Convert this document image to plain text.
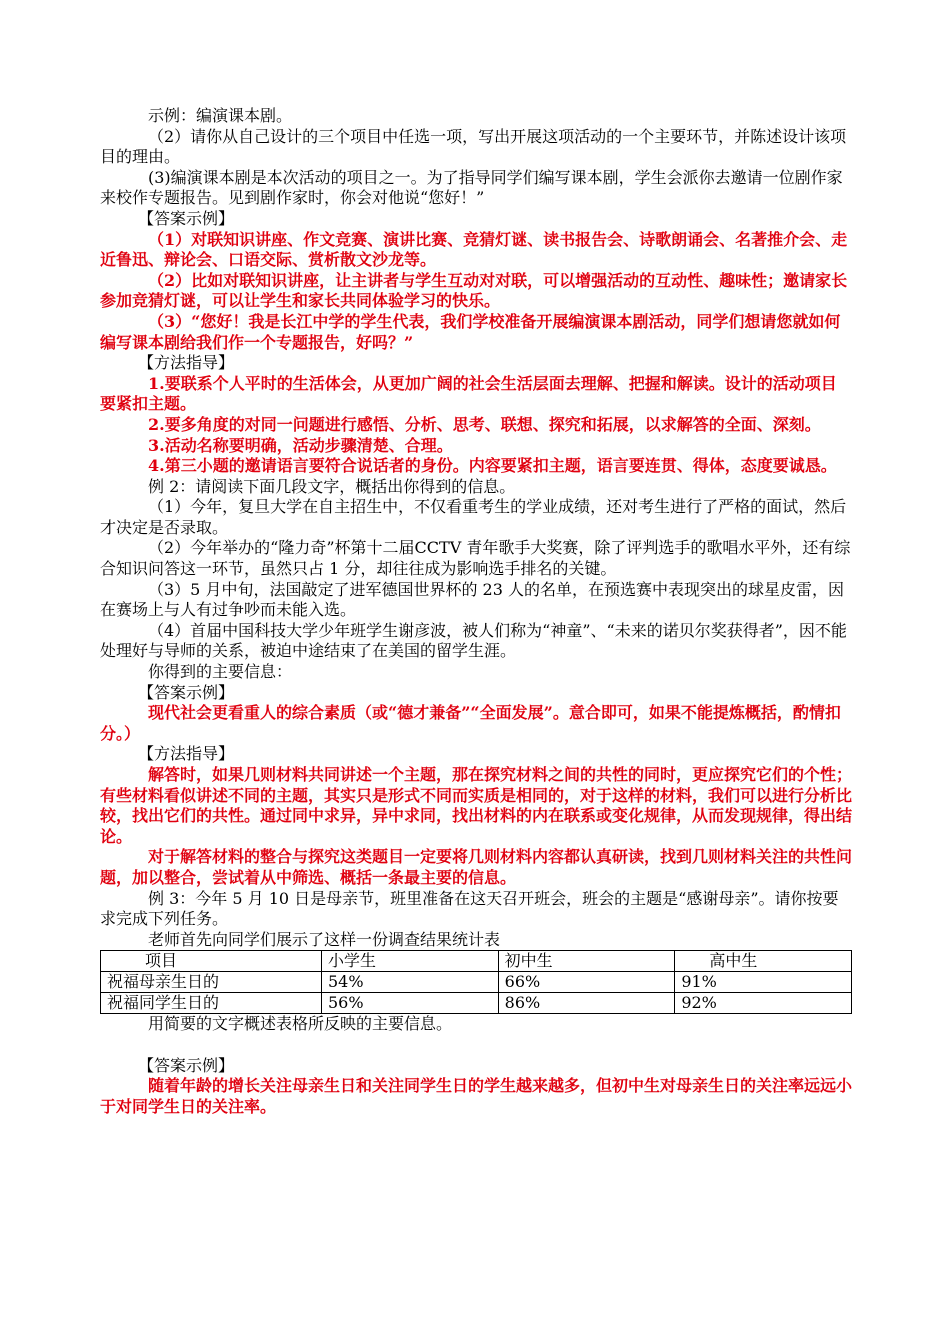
示例：编演课本剧。

（2）请你从自己设计的三个项目中任选一项，写出开展这项活动的一个主要环节，并陈述设计该项目的理由。

(3)编演课本剧是本次活动的项目之一。为了指导同学们编写课本剧，学生会派你去邀请一位剧作家来校作专题报告。见到剧作家时，你会对他说“您好！”

【答案示例】

（1）对联知识讲座、作文竞赛、演讲比赛、竞猜灯谜、读书报告会、诗歌朗诵会、名著推介会、走近鲁迅、辩论会、口语交际、赏析散文沙龙等。

（2）比如对联知识讲座，让主讲者与学生互动对对联，可以增强活动的互动性、趣味性；邀请家长参加竞猜灯谜，可以让学生和家长共同体验学习的快乐。

（3）“您好！我是长江中学的学生代表，我们学校准备开展编演课本剧活动，同学们想请您就如何编写课本剧给我们作一个专题报告，好吗？”

【方法指导】

1.要联系个人平时的生活体会，从更加广阔的社会生活层面去理解、把握和解读。设计的活动项目要紧扣主题。

2.要多角度的对同一问题进行感悟、分析、思考、联想、探究和拓展，以求解答的全面、深刻。

3.活动名称要明确，活动步骤清楚、合理。

4.第三小题的邀请语言要符合说话者的身份。内容要紧扣主题，语言要连贯、得体，态度要诚恳。

例 2：请阅读下面几段文字，概括出你得到的信息。

（1）今年，复旦大学在自主招生中，不仅看重考生的学业成绩，还对考生进行了严格的面试，然后才决定是否录取。

（2）今年举办的“隆力奇”杯第十二届CCTV 青年歌手大奖赛，除了评判选手的歌唱水平外，还有综合知识问答这一环节，虽然只占 1 分，却往往成为影响选手排名的关键。

（3）5 月中旬，法国敲定了进军德国世界杯的 23 人的名单，在预选赛中表现突出的球星皮雷，因在赛场上与人有过争吵而未能入选。

（4）首届中国科技大学少年班学生谢彦波，被人们称为“神童”、“未来的诺贝尔奖获得者”，因不能处理好与导师的关系，被迫中途结束了在美国的留学生涯。

你得到的主要信息：

【答案示例】

现代社会更看重人的综合素质（或“德才兼备”“全面发展”。意合即可，如果不能提炼概括，酌情扣分。）

【方法指导】

解答时，如果几则材料共同讲述一个主题，那在探究材料之间的共性的同时，更应探究它们的个性；有些材料看似讲述不同的主题，其实只是形式不同而实质是相同的，对于这样的材料，我们可以进行分析比较，找出它们的共性。通过同中求异，异中求同，找出材料的内在联系或变化规律，从而发现规律，得出结论。

对于解答材料的整合与探究这类题目一定要将几则材料内容都认真研读，找到几则材料关注的共性问题，加以整合，尝试着从中筛选、概括一条最主要的信息。

例 3：今年 5 月 10 日是母亲节，班里准备在这天召开班会，班会的主题是“感谢母亲”。请你按要求完成下列任务。

老师首先向同学们展示了这样一份调查结果统计表

项目	小学生	初中生	高中生
祝福母亲生日的	54%	66%	91%
祝福同学生日的	56%	86%	92%

用简要的文字概述表格所反映的主要信息。

【答案示例】

随着年龄的增长关注母亲生日和关注同学生日的学生越来越多，但初中生对母亲生日的关注率远远小于对同学生日的关注率。
